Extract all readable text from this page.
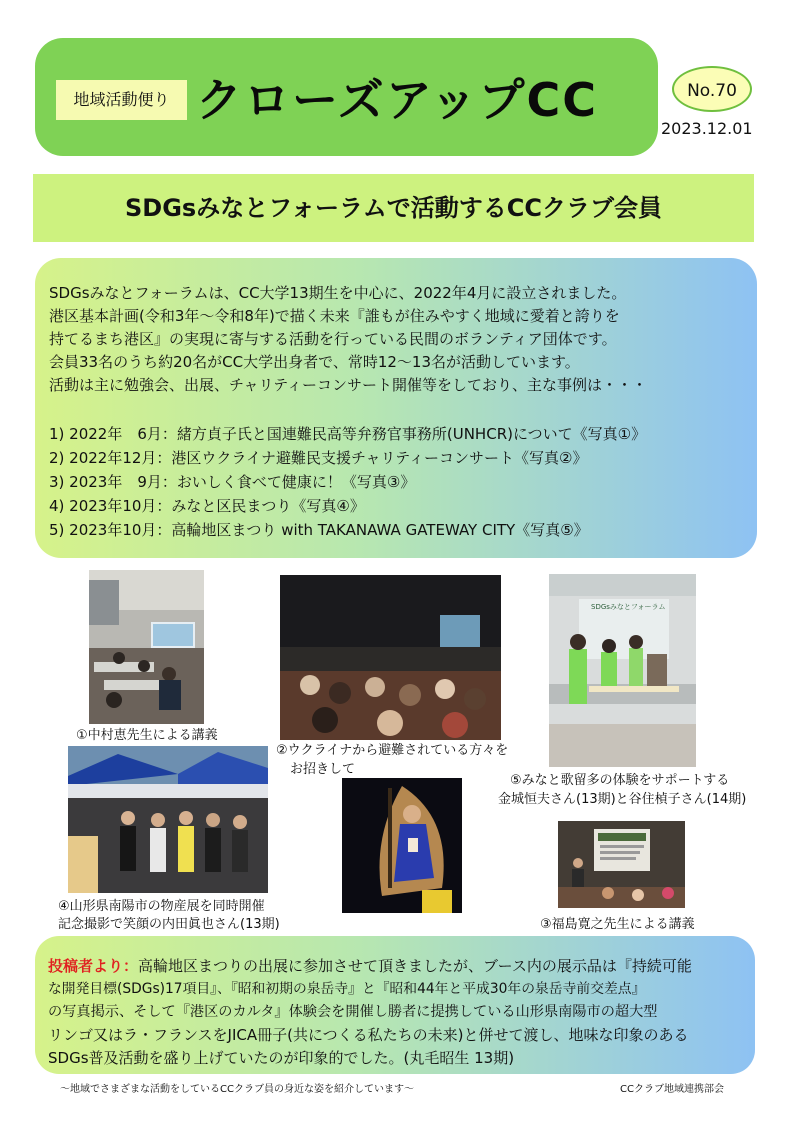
地域活動便り クローズアップCC	No.70
2023.12.01
SDGsみなとフォーラムで活動するCCクラブ会員

SDGsみなとフォーラムは、CC大学13期生を中心に、2022年4月に設立されました。

港区基本計画(令和3年〜令和8年)で描く未来『誰もが住みやすく地域に愛着と誇りを

持てるまち港区』の実現に寄与する活動を行っている民間のボランティア団体です。

会員33名のうち約20名がCC大学出身者で、常時12〜13名が活動しています。

活動は主に勉強会、出展、チャリティーコンサート開催等をしており、主な事例は・・・

1) 2022年　6月：緒方貞子氏と国連難民高等弁務官事務所(UNHCR)について《写真①》
2) 2022年12月：港区ウクライナ避難民支援チャリティーコンサート《写真②》
3) 2023年　9月：おいしく食べて健康に！《写真③》
4) 2023年10月：みなと区民まつり《写真④》
5) 2023年10月：高輪地区まつり with TAKANAWA GATEWAY CITY《写真⑤》
①中村恵先生による講義
②ウクライナから避難されている方々を
お招きして
SDGsみなとフォーラム
⑤みなと歌留多の体験をサポートする
金城恒夫さん(13期)と谷住楨子さん(14期)
④山形県南陽市の物産展を同時開催
記念撮影で笑顔の内田眞也さん(13期)	③福島寛之先生による講義
投稿者より：高輪地区まつりの出展に参加させて頂きましたが、ブース内の展示品は『持続可能
な開発目標(SDGs)17項目』、『昭和初期の泉岳寺』と『昭和44年と平成30年の泉岳寺前交差点』
の写真掲示、そして『港区のカルタ』体験会を開催し勝者に提携している山形県南陽市の超大型
リンゴ又はラ・フランスをJICA冊子(共につくる私たちの未来)と併せて渡し、地味な印象のある
SDGs普及活動を盛り上げていたのが印象的でした。(丸毛昭生 13期)
〜地域でさまざまな活動をしているCCクラブ員の身近な姿を紹介しています〜	CCクラブ地域連携部会
